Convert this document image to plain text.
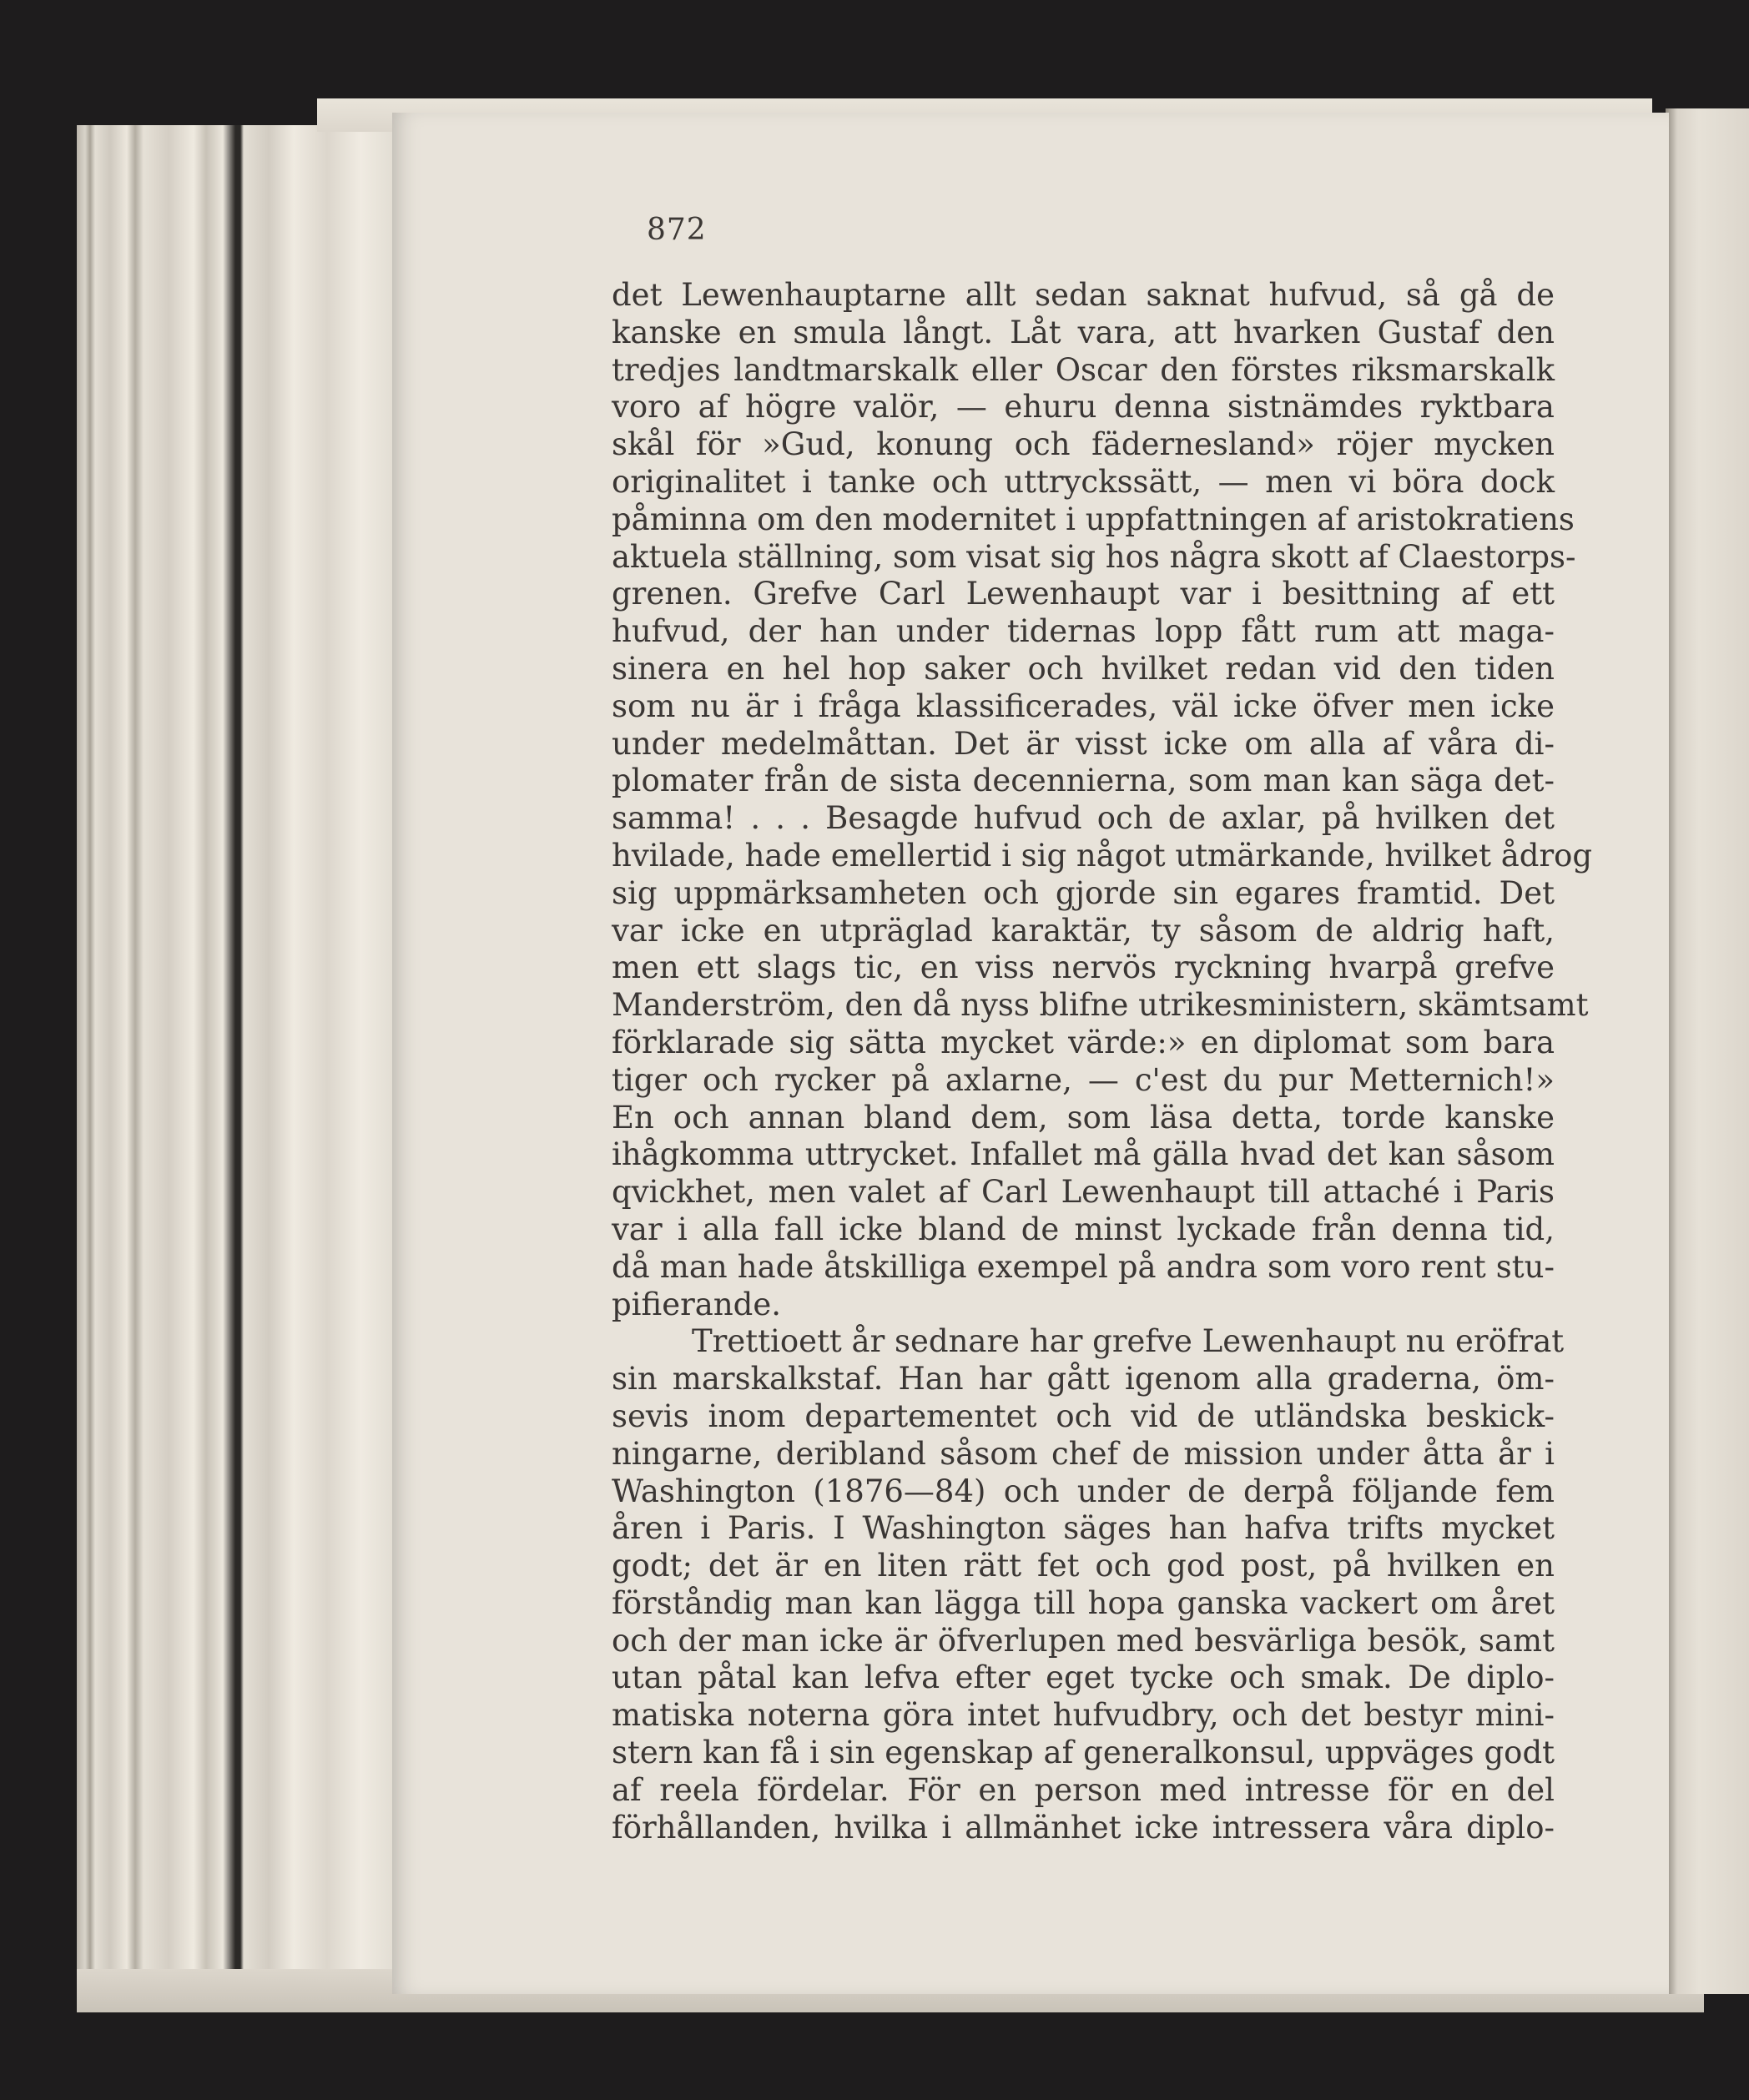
872
det Lewenhauptarne allt sedan saknat hufvud, så gå de
kanske en smula långt. Låt vara, att hvarken Gustaf den
tredjes landtmarskalk eller Oscar den förstes riksmarskalk
voro af högre valör, — ehuru denna sistnämdes ryktbara
skål för »Gud, konung och fädernesland» röjer mycken
originalitet i tanke och uttryckssätt, — men vi böra dock
påminna om den modernitet i uppfattningen af aristokratiens
aktuela ställning, som visat sig hos några skott af Claestorps-
grenen. Grefve Carl Lewenhaupt var i besittning af ett
hufvud, der han under tidernas lopp fått rum att maga-
sinera en hel hop saker och hvilket redan vid den tiden
som nu är i fråga klassificerades, väl icke öfver men icke
under medelmåttan. Det är visst icke om alla af våra di-
plomater från de sista decennierna, som man kan säga det-
samma! . . . Besagde hufvud och de axlar, på hvilken det
hvilade, hade emellertid i sig något utmärkande, hvilket ådrog
sig uppmärksamheten och gjorde sin egares framtid. Det
var icke en utpräglad karaktär, ty såsom de aldrig haft,
men ett slags tic, en viss nervös ryckning hvarpå grefve
Manderström, den då nyss blifne utrikesministern, skämtsamt
förklarade sig sätta mycket värde:» en diplomat som bara
tiger och rycker på axlarne, — c'est du pur Metternich!»
En och annan bland dem, som läsa detta, torde kanske
ihågkomma uttrycket. Infallet må gälla hvad det kan såsom
qvickhet, men valet af Carl Lewenhaupt till attaché i Paris
var i alla fall icke bland de minst lyckade från denna tid,
då man hade åtskilliga exempel på andra som voro rent stu-
pifierande.
Trettioett år sednare har grefve Lewenhaupt nu eröfrat
sin marskalkstaf. Han har gått igenom alla graderna, öm-
sevis inom departementet och vid de utländska beskick-
ningarne, deribland såsom chef de mission under åtta år i
Washington (1876—84) och under de derpå följande fem
åren i Paris. I Washington säges han hafva trifts mycket
godt; det är en liten rätt fet och god post, på hvilken en
förståndig man kan lägga till hopa ganska vackert om året
och der man icke är öfverlupen med besvärliga besök, samt
utan påtal kan lefva efter eget tycke och smak. De diplo-
matiska noterna göra intet hufvudbry, och det bestyr mini-
stern kan få i sin egenskap af generalkonsul, uppväges godt
af reela fördelar. För en person med intresse för en del
förhållanden, hvilka i allmänhet icke intressera våra diplo-
